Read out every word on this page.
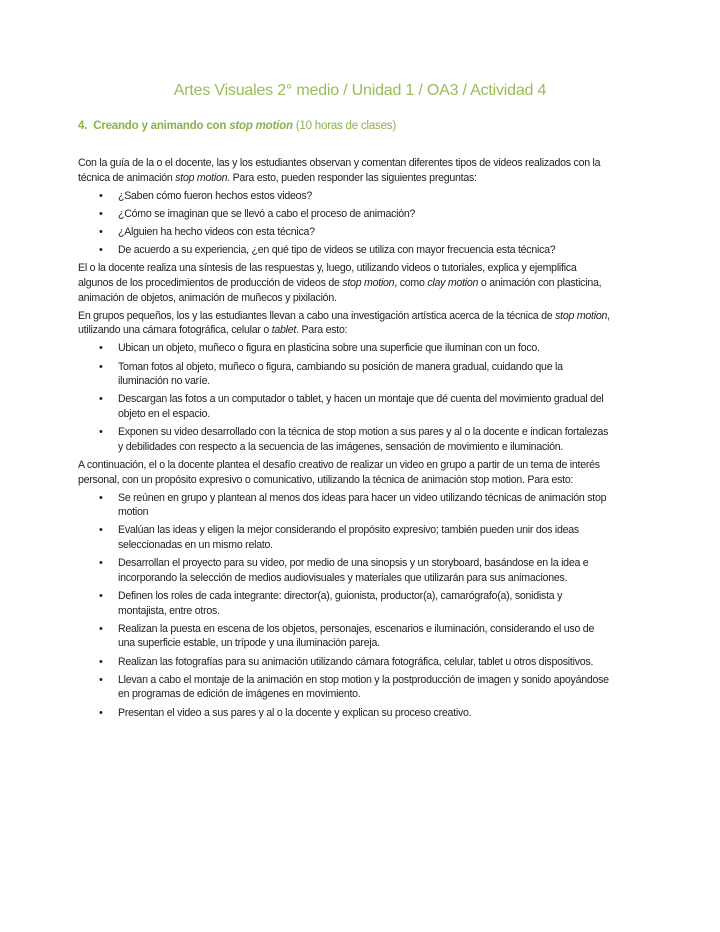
Artes Visuales 2° medio / Unidad 1 / OA3 / Actividad 4
4. Creando y animando con stop motion (10 horas de clases)

Con la guía de la o el docente, las y los estudiantes observan y comentan diferentes tipos de videos realizados con la técnica de animación stop motion. Para esto, pueden responder las siguientes preguntas:

• ¿Saben cómo fueron hechos estos videos?
• ¿Cómo se imaginan que se llevó a cabo el proceso de animación?
• ¿Alguien ha hecho videos con esta técnica?
• De acuerdo a su experiencia, ¿en qué tipo de videos se utiliza con mayor frecuencia esta técnica?

El o la docente realiza una síntesis de las respuestas y, luego, utilizando videos o tutoriales, explica y ejemplifica algunos de los procedimientos de producción de videos de stop motion, como clay motion o animación con plasticina, animación de objetos, animación de muñecos y pixilación.

En grupos pequeños, los y las estudiantes llevan a cabo una investigación artística acerca de la técnica de stop motion, utilizando una cámara fotográfica, celular o tablet. Para esto:

• Ubican un objeto, muñeco o figura en plasticina sobre una superficie que iluminan con un foco.
• Toman fotos al objeto, muñeco o figura, cambiando su posición de manera gradual, cuidando que la iluminación no varíe.
• Descargan las fotos a un computador o tablet, y hacen un montaje que dé cuenta del movimiento gradual del objeto en el espacio.
• Exponen su video desarrollado con la técnica de stop motion a sus pares y al o la docente e indican fortalezas y debilidades con respecto a la secuencia de las imágenes, sensación de movimiento e iluminación.

A continuación, el o la docente plantea el desafío creativo de realizar un video en grupo a partir de un tema de interés personal, con un propósito expresivo o comunicativo, utilizando la técnica de animación stop motion. Para esto:

• Se reúnen en grupo y plantean al menos dos ideas para hacer un video utilizando técnicas de animación stop motion
• Evalúan las ideas y eligen la mejor considerando el propósito expresivo; también pueden unir dos ideas seleccionadas en un mismo relato.
• Desarrollan el proyecto para su video, por medio de una sinopsis y un storyboard, basándose en la idea e incorporando la selección de medios audiovisuales y materiales que utilizarán para sus animaciones.
• Definen los roles de cada integrante: director(a), guionista, productor(a), camarógrafo(a), sonidista y montajista, entre otros.
• Realizan la puesta en escena de los objetos, personajes, escenarios e iluminación, considerando el uso de una superficie estable, un trípode y una iluminación pareja.
• Realizan las fotografías para su animación utilizando cámara fotográfica, celular, tablet u otros dispositivos.
• Llevan a cabo el montaje de la animación en stop motion y la postproducción de imagen y sonido apoyándose en programas de edición de imágenes en movimiento.
• Presentan el video a sus pares y al o la docente y explican su proceso creativo.
